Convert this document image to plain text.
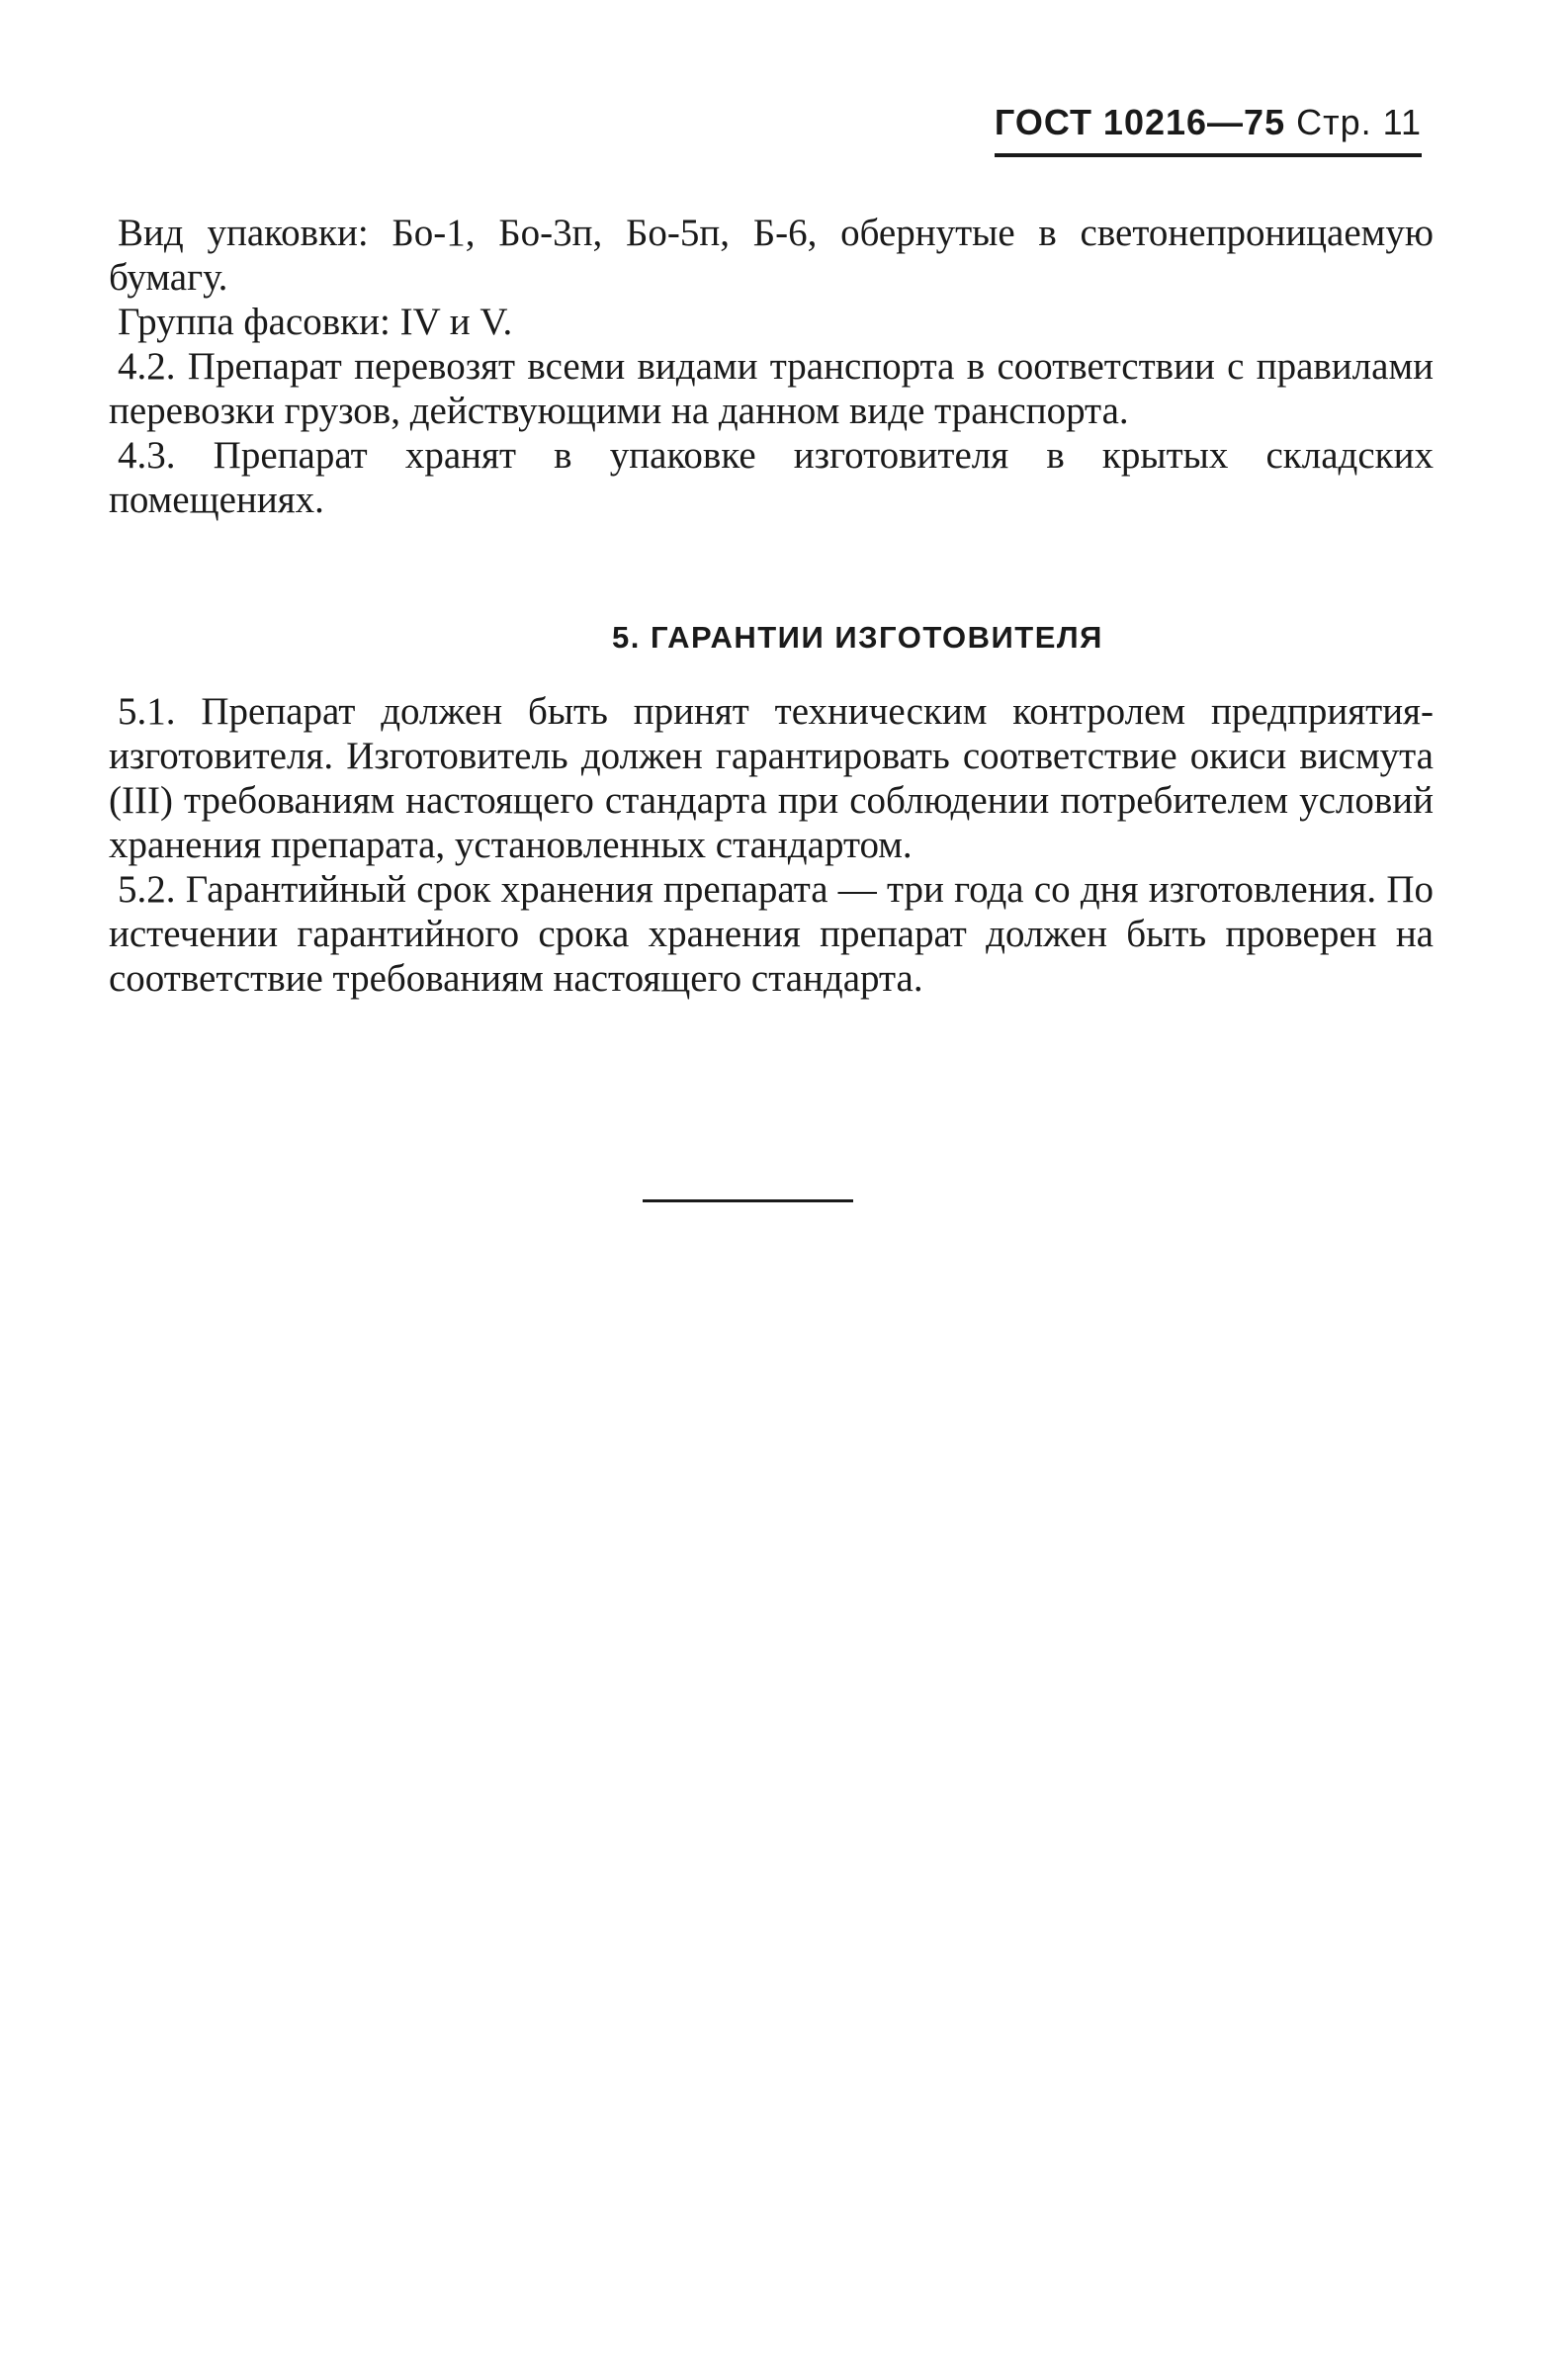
ГОСТ 10216—75 Стр. 11

Вид упаковки: Бо-1, Бо-3п, Бо-5п, Б-6, обернутые в светонепроницаемую бумагу.

Группа фасовки: IV и V.

4.2. Препарат перевозят всеми видами транспорта в соответствии с правилами перевозки грузов, действующими на данном виде транспорта.

4.3. Препарат хранят в упаковке изготовителя в крытых складских помещениях.

5. ГАРАНТИИ ИЗГОТОВИТЕЛЯ

5.1. Препарат должен быть принят техническим контролем предприятия-изготовителя. Изготовитель должен гарантировать соответствие окиси висмута (III) требованиям настоящего стандарта при соблюдении потребителем условий хранения препарата, установленных стандартом.

5.2. Гарантийный срок хранения препарата — три года со дня изготовления. По истечении гарантийного срока хранения препарат должен быть проверен на соответствие требованиям настоящего стандарта.
